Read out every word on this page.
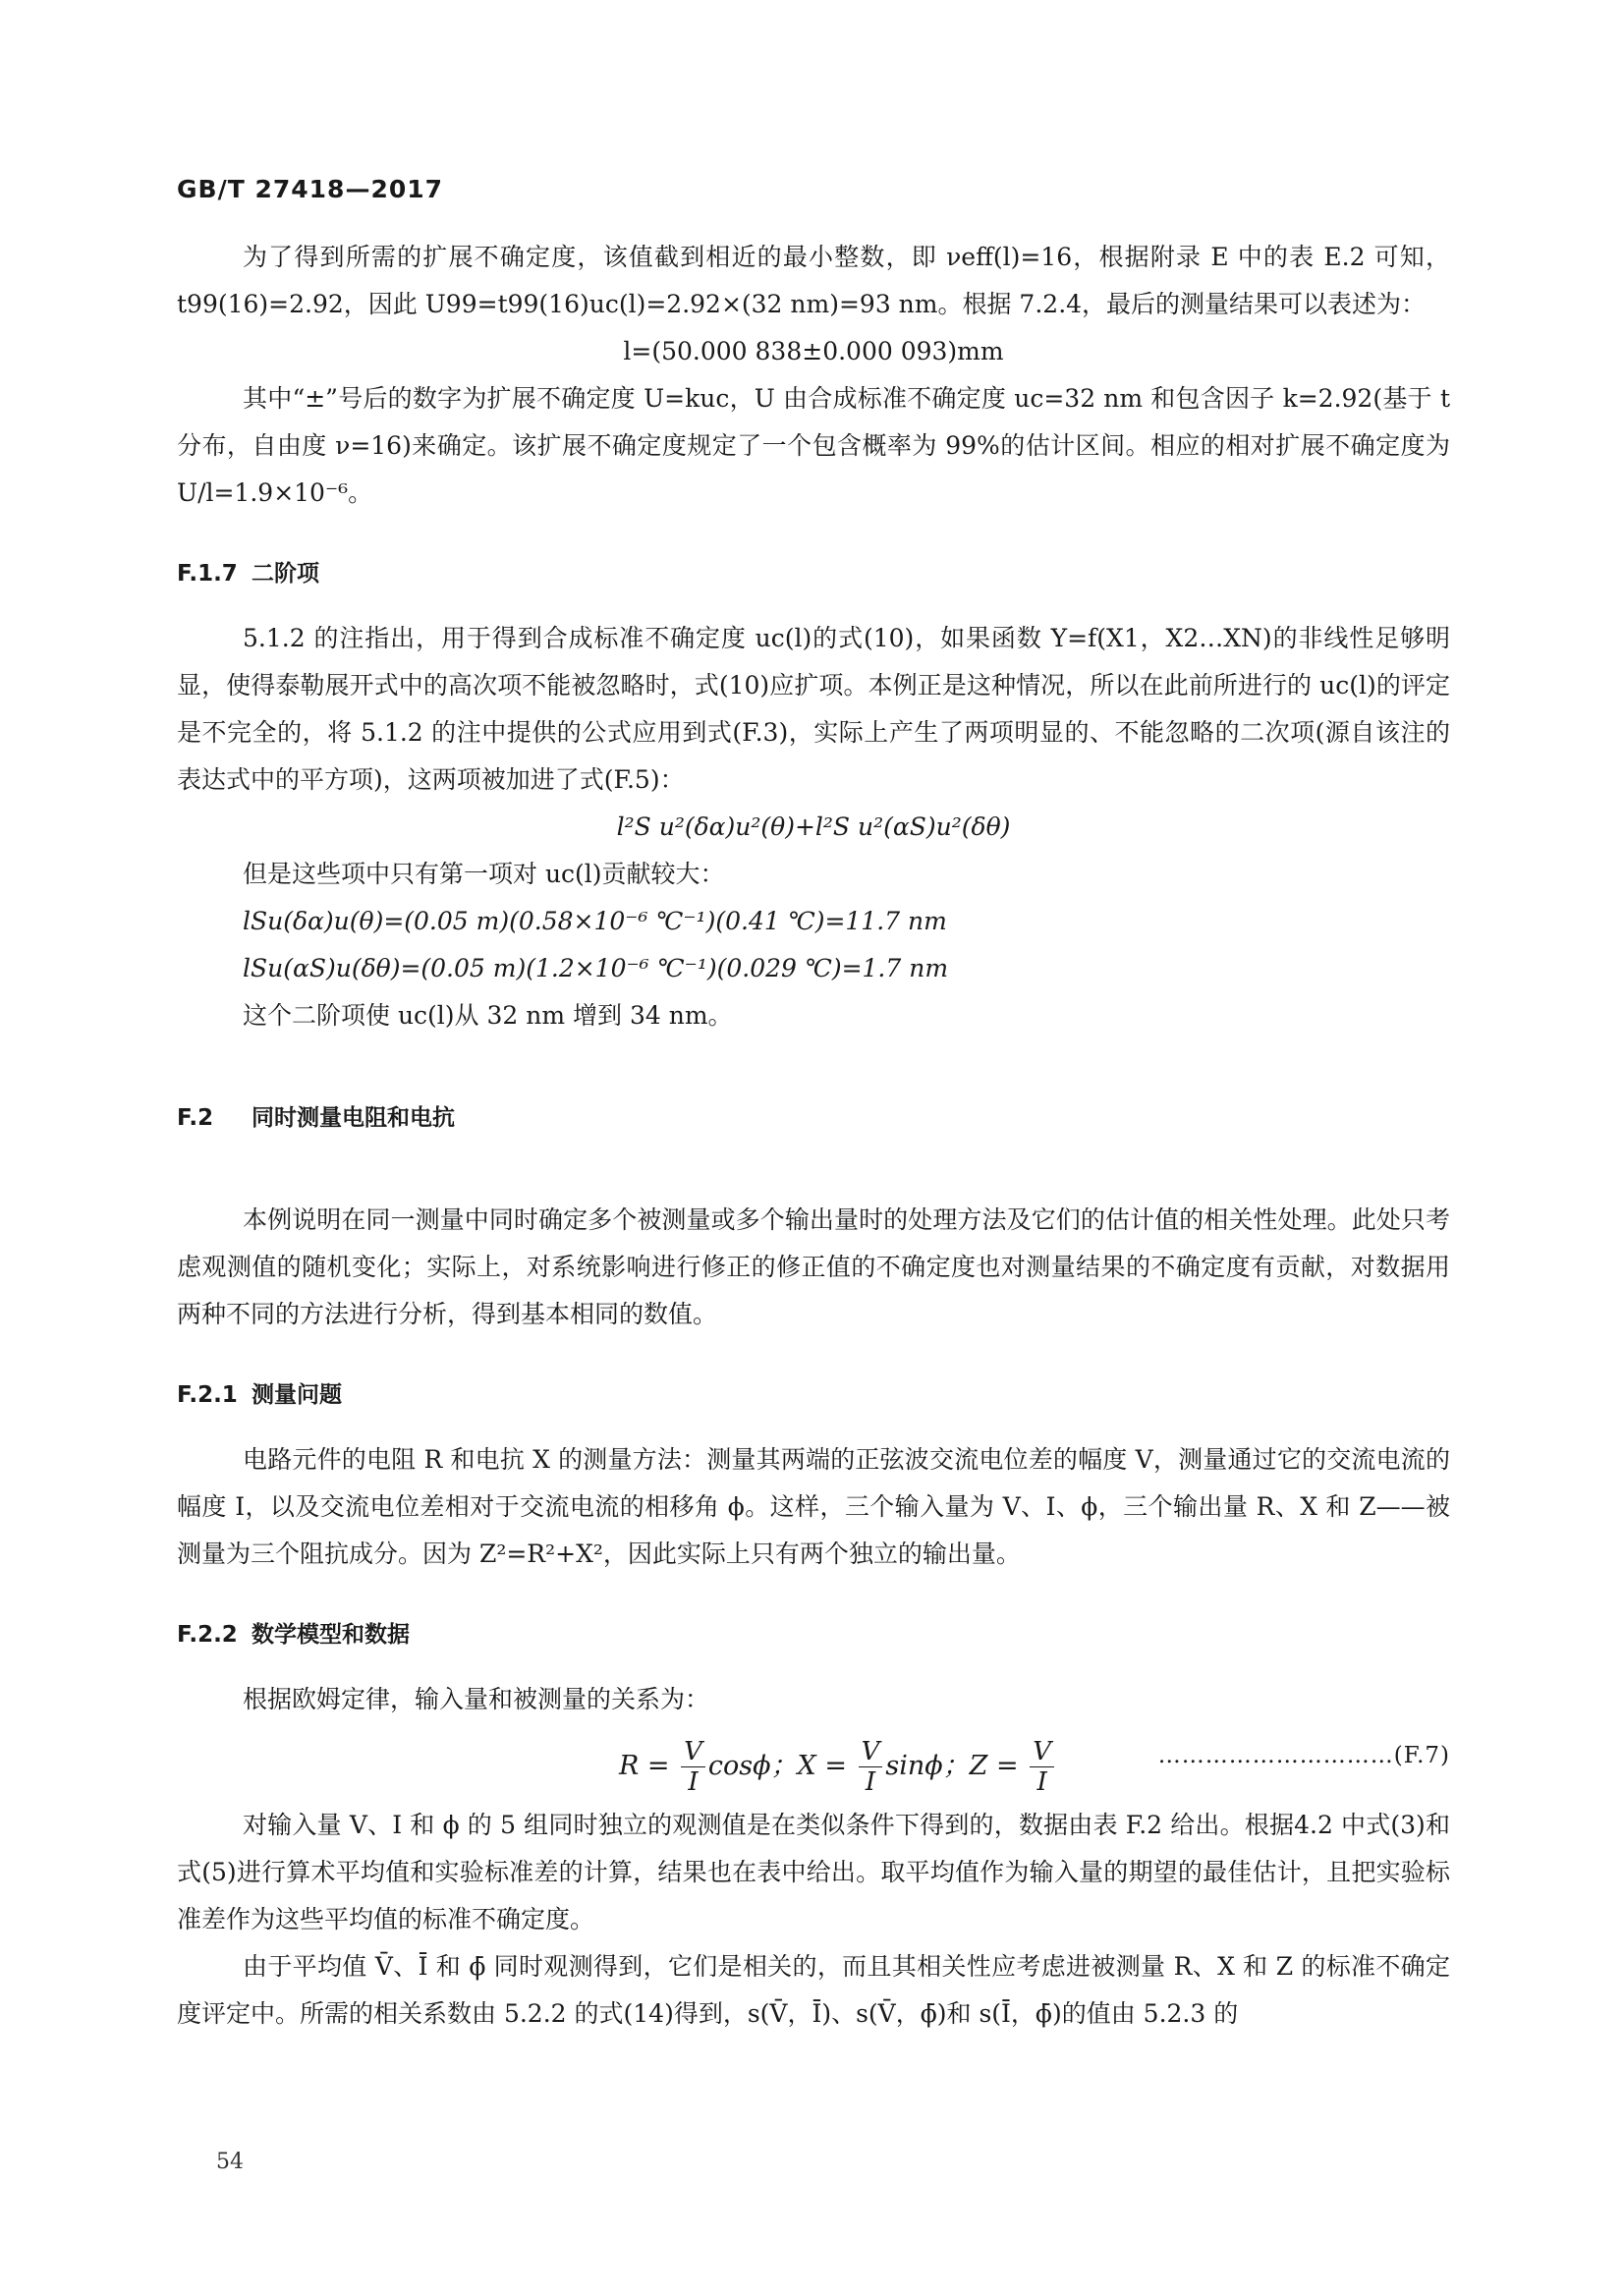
GB/T 27418—2017

为了得到所需的扩展不确定度，该值截到相近的最小整数，即 νeff(l)=16，根据附录 E 中的表 E.2 可知，t99(16)=2.92，因此 U99=t99(16)uc(l)=2.92×(32 nm)=93 nm。根据 7.2.4，最后的测量结果可以表述为：

l=(50.000 838±0.000 093)mm

其中“±”号后的数字为扩展不确定度 U=kuc，U 由合成标准不确定度 uc=32 nm 和包含因子 k=2.92(基于 t 分布，自由度 ν=16)来确定。该扩展不确定度规定了一个包含概率为 99%的估计区间。相应的相对扩展不确定度为 U/l=1.9×10⁻⁶。

F.1.7 二阶项

5.1.2 的注指出，用于得到合成标准不确定度 uc(l)的式(10)，如果函数 Y=f(X1，X2…XN)的非线性足够明显，使得泰勒展开式中的高次项不能被忽略时，式(10)应扩项。本例正是这种情况，所以在此前所进行的 uc(l)的评定是不完全的，将 5.1.2 的注中提供的公式应用到式(F.3)，实际上产生了两项明显的、不能忽略的二次项(源自该注的表达式中的平方项)，这两项被加进了式(F.5)：

l²S u²(δα)u²(θ)+l²S u²(αS)u²(δθ)

但是这些项中只有第一项对 uc(l)贡献较大：

lSu(δα)u(θ)=(0.05 m)(0.58×10⁻⁶ ℃⁻¹)(0.41 ℃)=11.7 nm
lSu(αS)u(δθ)=(0.05 m)(1.2×10⁻⁶ ℃⁻¹)(0.029 ℃)=1.7 nm

这个二阶项使 uc(l)从 32 nm 增到 34 nm。

F.2 同时测量电阻和电抗

本例说明在同一测量中同时确定多个被测量或多个输出量时的处理方法及它们的估计值的相关性处理。此处只考虑观测值的随机变化；实际上，对系统影响进行修正的修正值的不确定度也对测量结果的不确定度有贡献，对数据用两种不同的方法进行分析，得到基本相同的数值。

F.2.1 测量问题

电路元件的电阻 R 和电抗 X 的测量方法：测量其两端的正弦波交流电位差的幅度 V，测量通过它的交流电流的幅度 I，以及交流电位差相对于交流电流的相移角 ϕ。这样，三个输入量为 V、I、ϕ，三个输出量 R、X 和 Z——被测量为三个阻抗成分。因为 Z²=R²+X²，因此实际上只有两个独立的输出量。

F.2.2 数学模型和数据

根据欧姆定律，输入量和被测量的关系为：

$R = \frac{V}{I}$ cosϕ；$X = \frac{V}{I}$ sinϕ；$Z = \frac{V}{I}$	…………………………(F.7)

对输入量 V、I 和 ϕ 的 5 组同时独立的观测值是在类似条件下得到的，数据由表 F.2 给出。根据4.2 中式(3)和式(5)进行算术平均值和实验标准差的计算，结果也在表中给出。取平均值作为输入量的期望的最佳估计，且把实验标准差作为这些平均值的标准不确定度。

由于平均值 V̄、Ī 和 ϕ̄ 同时观测得到，它们是相关的，而且其相关性应考虑进被测量 R、X 和 Z 的标准不确定度评定中。所需的相关系数由 5.2.2 的式(14)得到，s(V̄，Ī)、s(V̄，ϕ̄)和 s(Ī，ϕ̄)的值由 5.2.3 的

54
